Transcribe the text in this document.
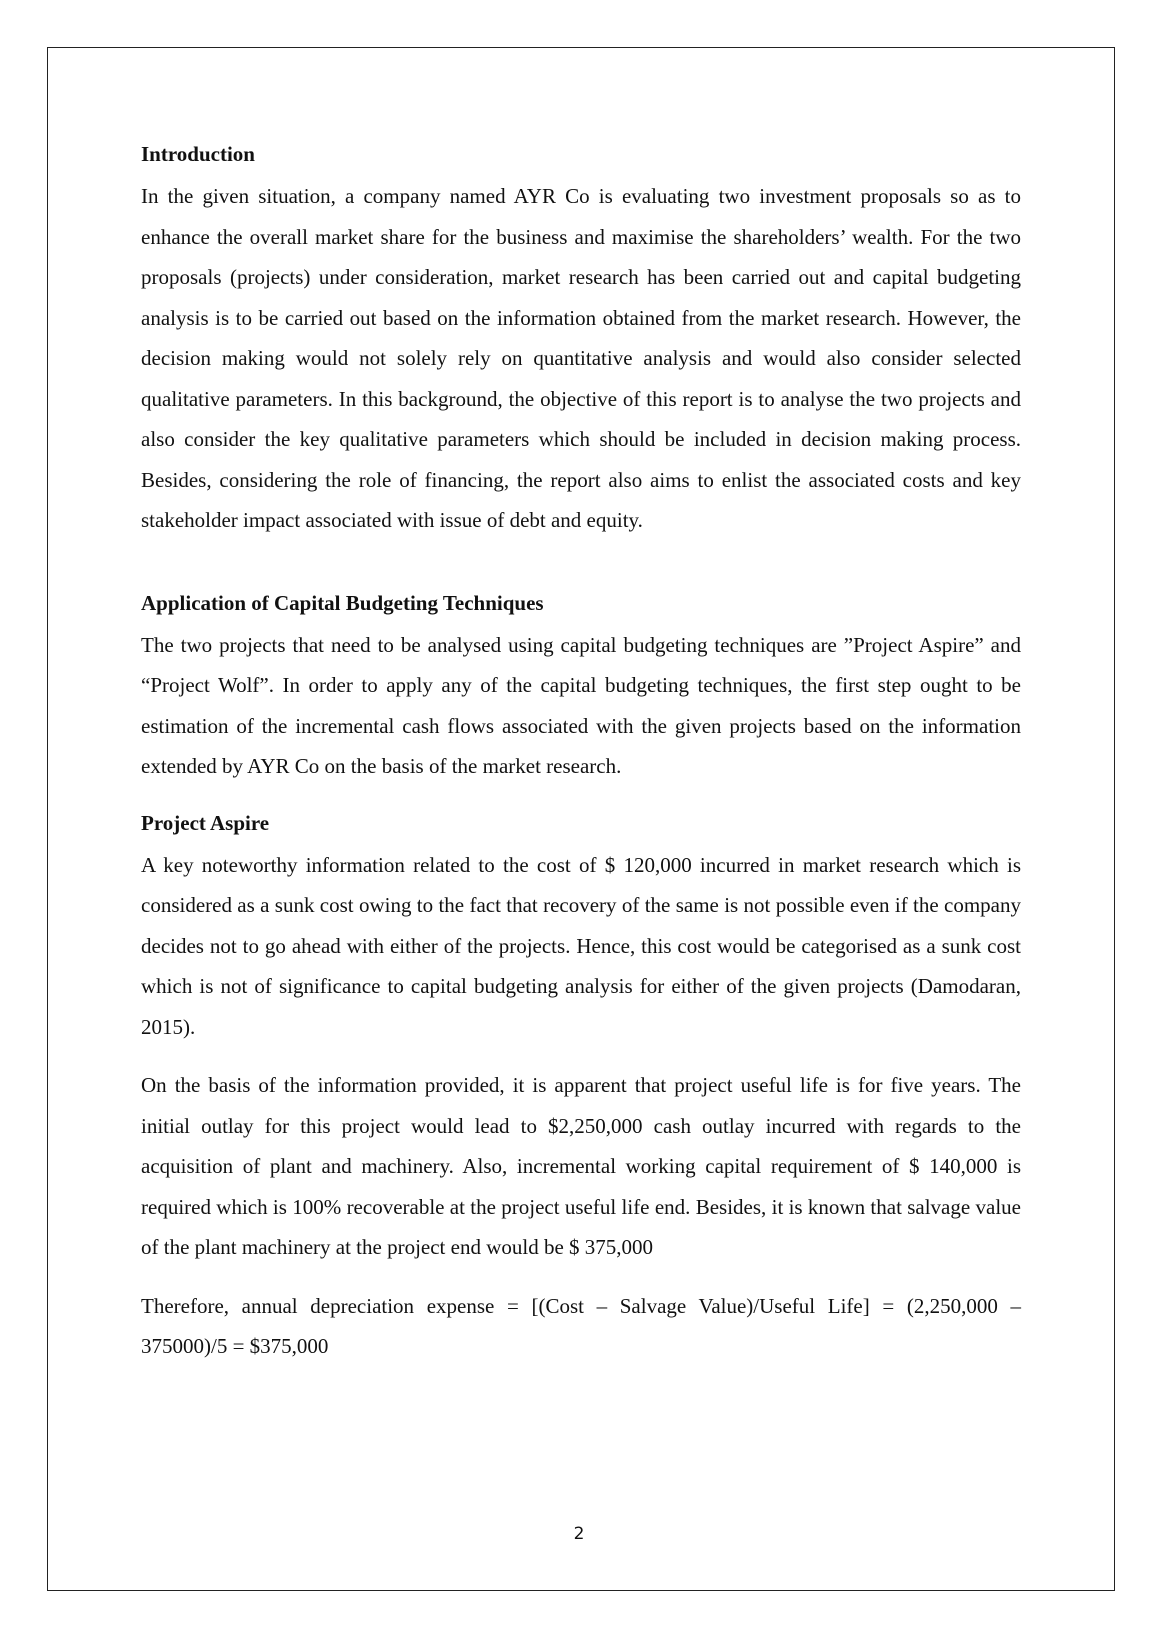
Introduction

In the given situation, a company named AYR Co is evaluating two investment proposals so as to enhance the overall market share for the business and maximise the shareholders’ wealth. For the two proposals (projects) under consideration, market research has been carried out and capital budgeting analysis is to be carried out based on the information obtained from the market research. However, the decision making would not solely rely on quantitative analysis and would also consider selected qualitative parameters. In this background, the objective of this report is to analyse the two projects and also consider the key qualitative parameters which should be included in decision making process. Besides, considering the role of financing, the report also aims to enlist the associated costs and key stakeholder impact associated with issue of debt and equity.

Application of Capital Budgeting Techniques

The two projects that need to be analysed using capital budgeting techniques are ”Project Aspire” and “Project Wolf”. In order to apply any of the capital budgeting techniques, the first step ought to be estimation of the incremental cash flows associated with the given projects based on the information extended by AYR Co on the basis of the market research.

Project Aspire

A key noteworthy information related to the cost of $ 120,000 incurred in market research which is considered as a sunk cost owing to the fact that recovery of the same is not possible even if the company decides not to go ahead with either of the projects. Hence, this cost would be categorised as a sunk cost which is not of significance to capital budgeting analysis for either of the given projects (Damodaran, 2015).

On the basis of the information provided, it is apparent that project useful life is for five years. The initial outlay for this project would lead to $2,250,000 cash outlay incurred with regards to the acquisition of plant and machinery. Also, incremental working capital requirement of $ 140,000 is required which is 100% recoverable at the project useful life end. Besides, it is known that salvage value of the plant machinery at the project end would be $ 375,000

Therefore, annual depreciation expense = [(Cost – Salvage Value)/Useful Life] = (2,250,000 – 375000)/5 = $375,000

2
